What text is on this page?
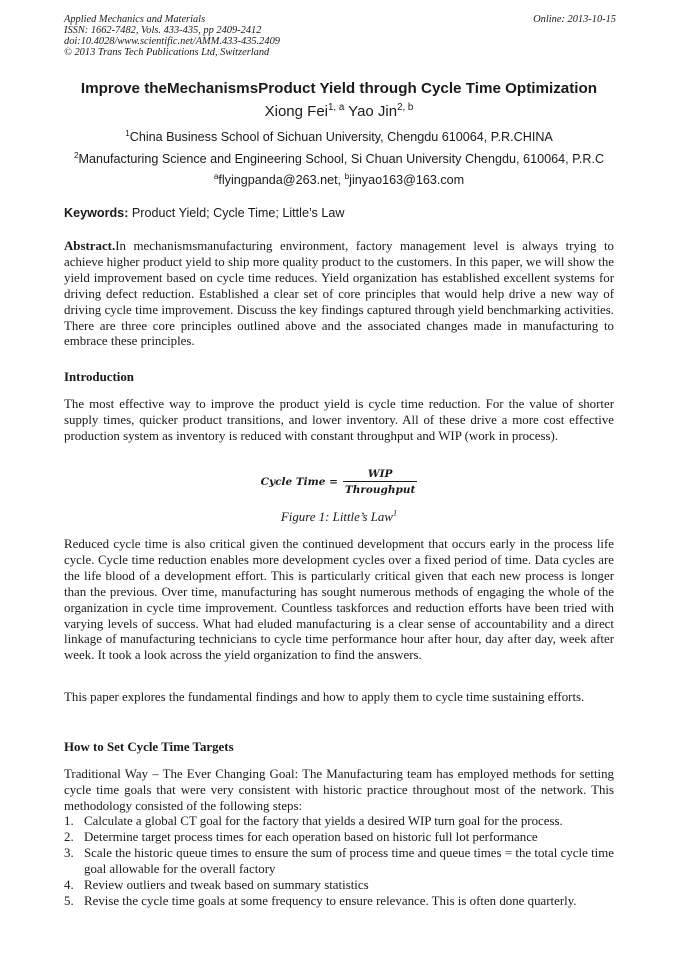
Applied Mechanics and Materials
ISSN: 1662-7482, Vols. 433-435, pp 2409-2412
doi:10.4028/www.scientific.net/AMM.433-435.2409
© 2013 Trans Tech Publications Ltd, Switzerland
Online: 2013-10-15
Improve theMechanismsProduct Yield through Cycle Time Optimization
Xiong Fei$^{1, a}$ Yao Jin$^{2, b}$
$^1$China Business School of Sichuan University, Chengdu 610064, P.R.CHINA
$^2$Manufacturing Science and Engineering School, Si Chuan University Chengdu, 610064, P.R.C
$^a$flyingpanda@263.net, $^b$jinyao163@163.com
Keywords: Product Yield; Cycle Time; Little’s Law
Abstract.In mechanismsmanufacturing environment, factory management level is always trying to achieve higher product yield to ship more quality product to the customers. In this paper, we will show the yield improvement based on cycle time reduces. Yield organization has established excellent systems for driving defect reduction. Established a clear set of core principles that would help drive a new way of driving cycle time improvement. Discuss the key findings captured through yield benchmarking activities. There are three core principles outlined above and the associated changes made in manufacturing to embrace these principles.
Introduction
The most effective way to improve the product yield is cycle time reduction. For the value of shorter supply times, quicker product transitions, and lower inventory. All of these drive a more cost effective production system as inventory is reduced with constant throughput and WIP (work in process).
Cycle Time = $\frac{\text{WIP}}{\text{Throughput}}$
Figure 1: Little’s Law$^1$
Reduced cycle time is also critical given the continued development that occurs early in the process life cycle. Cycle time reduction enables more development cycles over a fixed period of time. Data cycles are the life blood of a development effort. This is particularly critical given that each new process is longer than the previous. Over time, manufacturing has sought numerous methods of engaging the whole of the organization in cycle time improvement. Countless taskforces and reduction efforts have been tried with varying levels of success. What had eluded manufacturing is a clear sense of accountability and a direct linkage of manufacturing technicians to cycle time performance hour after hour, day after day, week after week. It took a look across the yield organization to find the answers.
This paper explores the fundamental findings and how to apply them to cycle time sustaining efforts.
How to Set Cycle Time Targets
Traditional Way – The Ever Changing Goal: The Manufacturing team has employed methods for setting cycle time goals that were very consistent with historic practice throughout most of the network. This methodology consisted of the following steps:
1. Calculate a global CT goal for the factory that yields a desired WIP turn goal for the process.
2. Determine target process times for each operation based on historic full lot performance
3. Scale the historic queue times to ensure the sum of process time and queue times = the total cycle time goal allowable for the overall factory
4. Review outliers and tweak based on summary statistics
5. Revise the cycle time goals at some frequency to ensure relevance. This is often done quarterly.
